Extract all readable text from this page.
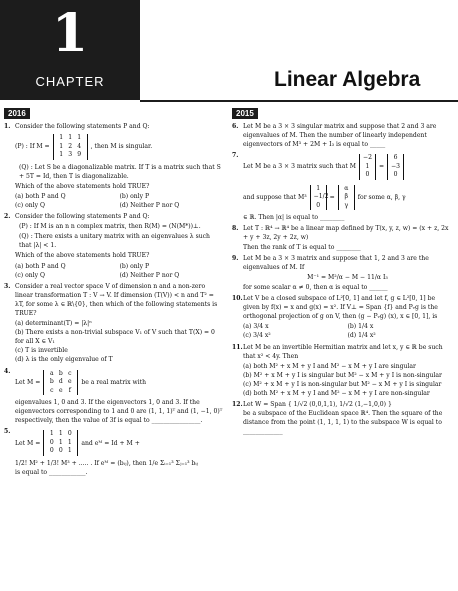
1
CHAPTER	Linear Algebra
2016
1. Consider the following statements P and Q:
(P) : If M =
1 1 1
1 2 4
1 3 9
, then M is singular.
(Q) : Let S be a diagonalizable matrix. If T is a matrix such that S + 5T = Id, then T is diagonalizable.
Which of the above statements hold TRUE?
(a) both P and Q	(b) only P
(c) only Q	(d) Neither P nor Q
2. Consider the following statements P and Q:
(P) : If M is an n n complex matrix, then R(M) = (N(M*))⊥.
(Q) : There exists a unitary matrix with an eigenvalues λ such that |λ| < 1.
Which of the above statements hold TRUE?
(a) both P and Q	(b) only P
(c) only Q	(d) Neither P nor Q
3. Consider a real vector space V of dimension n and a non-zero linear transformation T : V → V. If dimension (T(V)) < n and T² = λT, for some λ ∈ ℝ\{0}, then which of the following statements is TRUE?
(a) determinant(T) = |λ|ⁿ
(b) There exists a non-trivial subspace V₁ of V such that T(X) = 0 for all X ∈ V₁
(c) T is invertible
(d) λ is the only eigenvalue of T
4.
Let M =
a b c
b d e
c e f
be a real matrix with
eigenvalues 1, 0 and 3. If the eigenvectors 1, 0 and 3. If the eigenvectors corresponding to 1 and 0 are (1, 1, 1)ᵀ and (1, −1, 0)ᵀ respectively, then the value of 3f is equal to ________________.
5.
Let M =
1 1 0
0 1 1
0 0 1
and eᴹ = Id + M +
1/2! M² + 1/3! M³ + ..... . If eᴹ = (bᵢⱼ), then 1/e Σᵢ₌₁³ Σⱼ₌₁³ bᵢⱼ
is equal to ____________.
2015
6. Let M be a 3 × 3 singular matrix and suppose that 2 and 3 are eigenvalues of M. Then the number of linearly independent eigenvectors of M³ + 2M + I₃ is equal to _____
7.
Let M be a 3 × 3 matrix such that M
−2
1
0
=
6
−3
0
and suppose that M³
1
−1/2
0
=
α
β
γ
for some α, β, γ
∈ ℝ. Then |α| is equal to ________
8. Let T : ℝ⁴ → ℝ⁴ be a linear map defined by T(x, y, z, w) = (x + z, 2x + y + 3z, 2y + 2z, w)
Then the rank of T is equal to ________
9. Let M be a 3 × 3 matrix and suppose that 1, 2 and 3 are the eigenvalues of M. If
M⁻¹ = M²/α − M − 11/α I₃
for some scalar α ≠ 0, then α is equal to ______
10. Let V be a closed subspace of L²[0, 1] and let f, g ∈ L²[0, 1] be given by f(x) = x and g(x) = x². If V⊥ = Span {f} and Pᵥg is the orthogonal projection of g on V, then (g − Pᵥg) (x), x ∈ [0, 1], is
(a) 3/4 x	(b) 1/4 x
(c) 3/4 x²	(d) 1/4 x²
11. Let M be an invertible Hermitian matrix and let x, y ∈ ℝ be such that x² < 4y. Then
(a) both M² + x M + y I and M² − x M + y I are singular
(b) M² + x M + y I is singular but M² − x M + y I is non-singular
(c) M² + x M + y I is non-singular but M² − x M + y I is singular
(d) both M² + x M + y I and M² − x M + y I are non-singular
12. Let W = Span { 1/√2 (0,0,1,1), 1/√2 (1,−1,0,0) }
be a subspace of the Euclidean space ℝ⁴. Then the square of the distance from the point (1, 1, 1, 1) to the subspace W is equal to _____________
